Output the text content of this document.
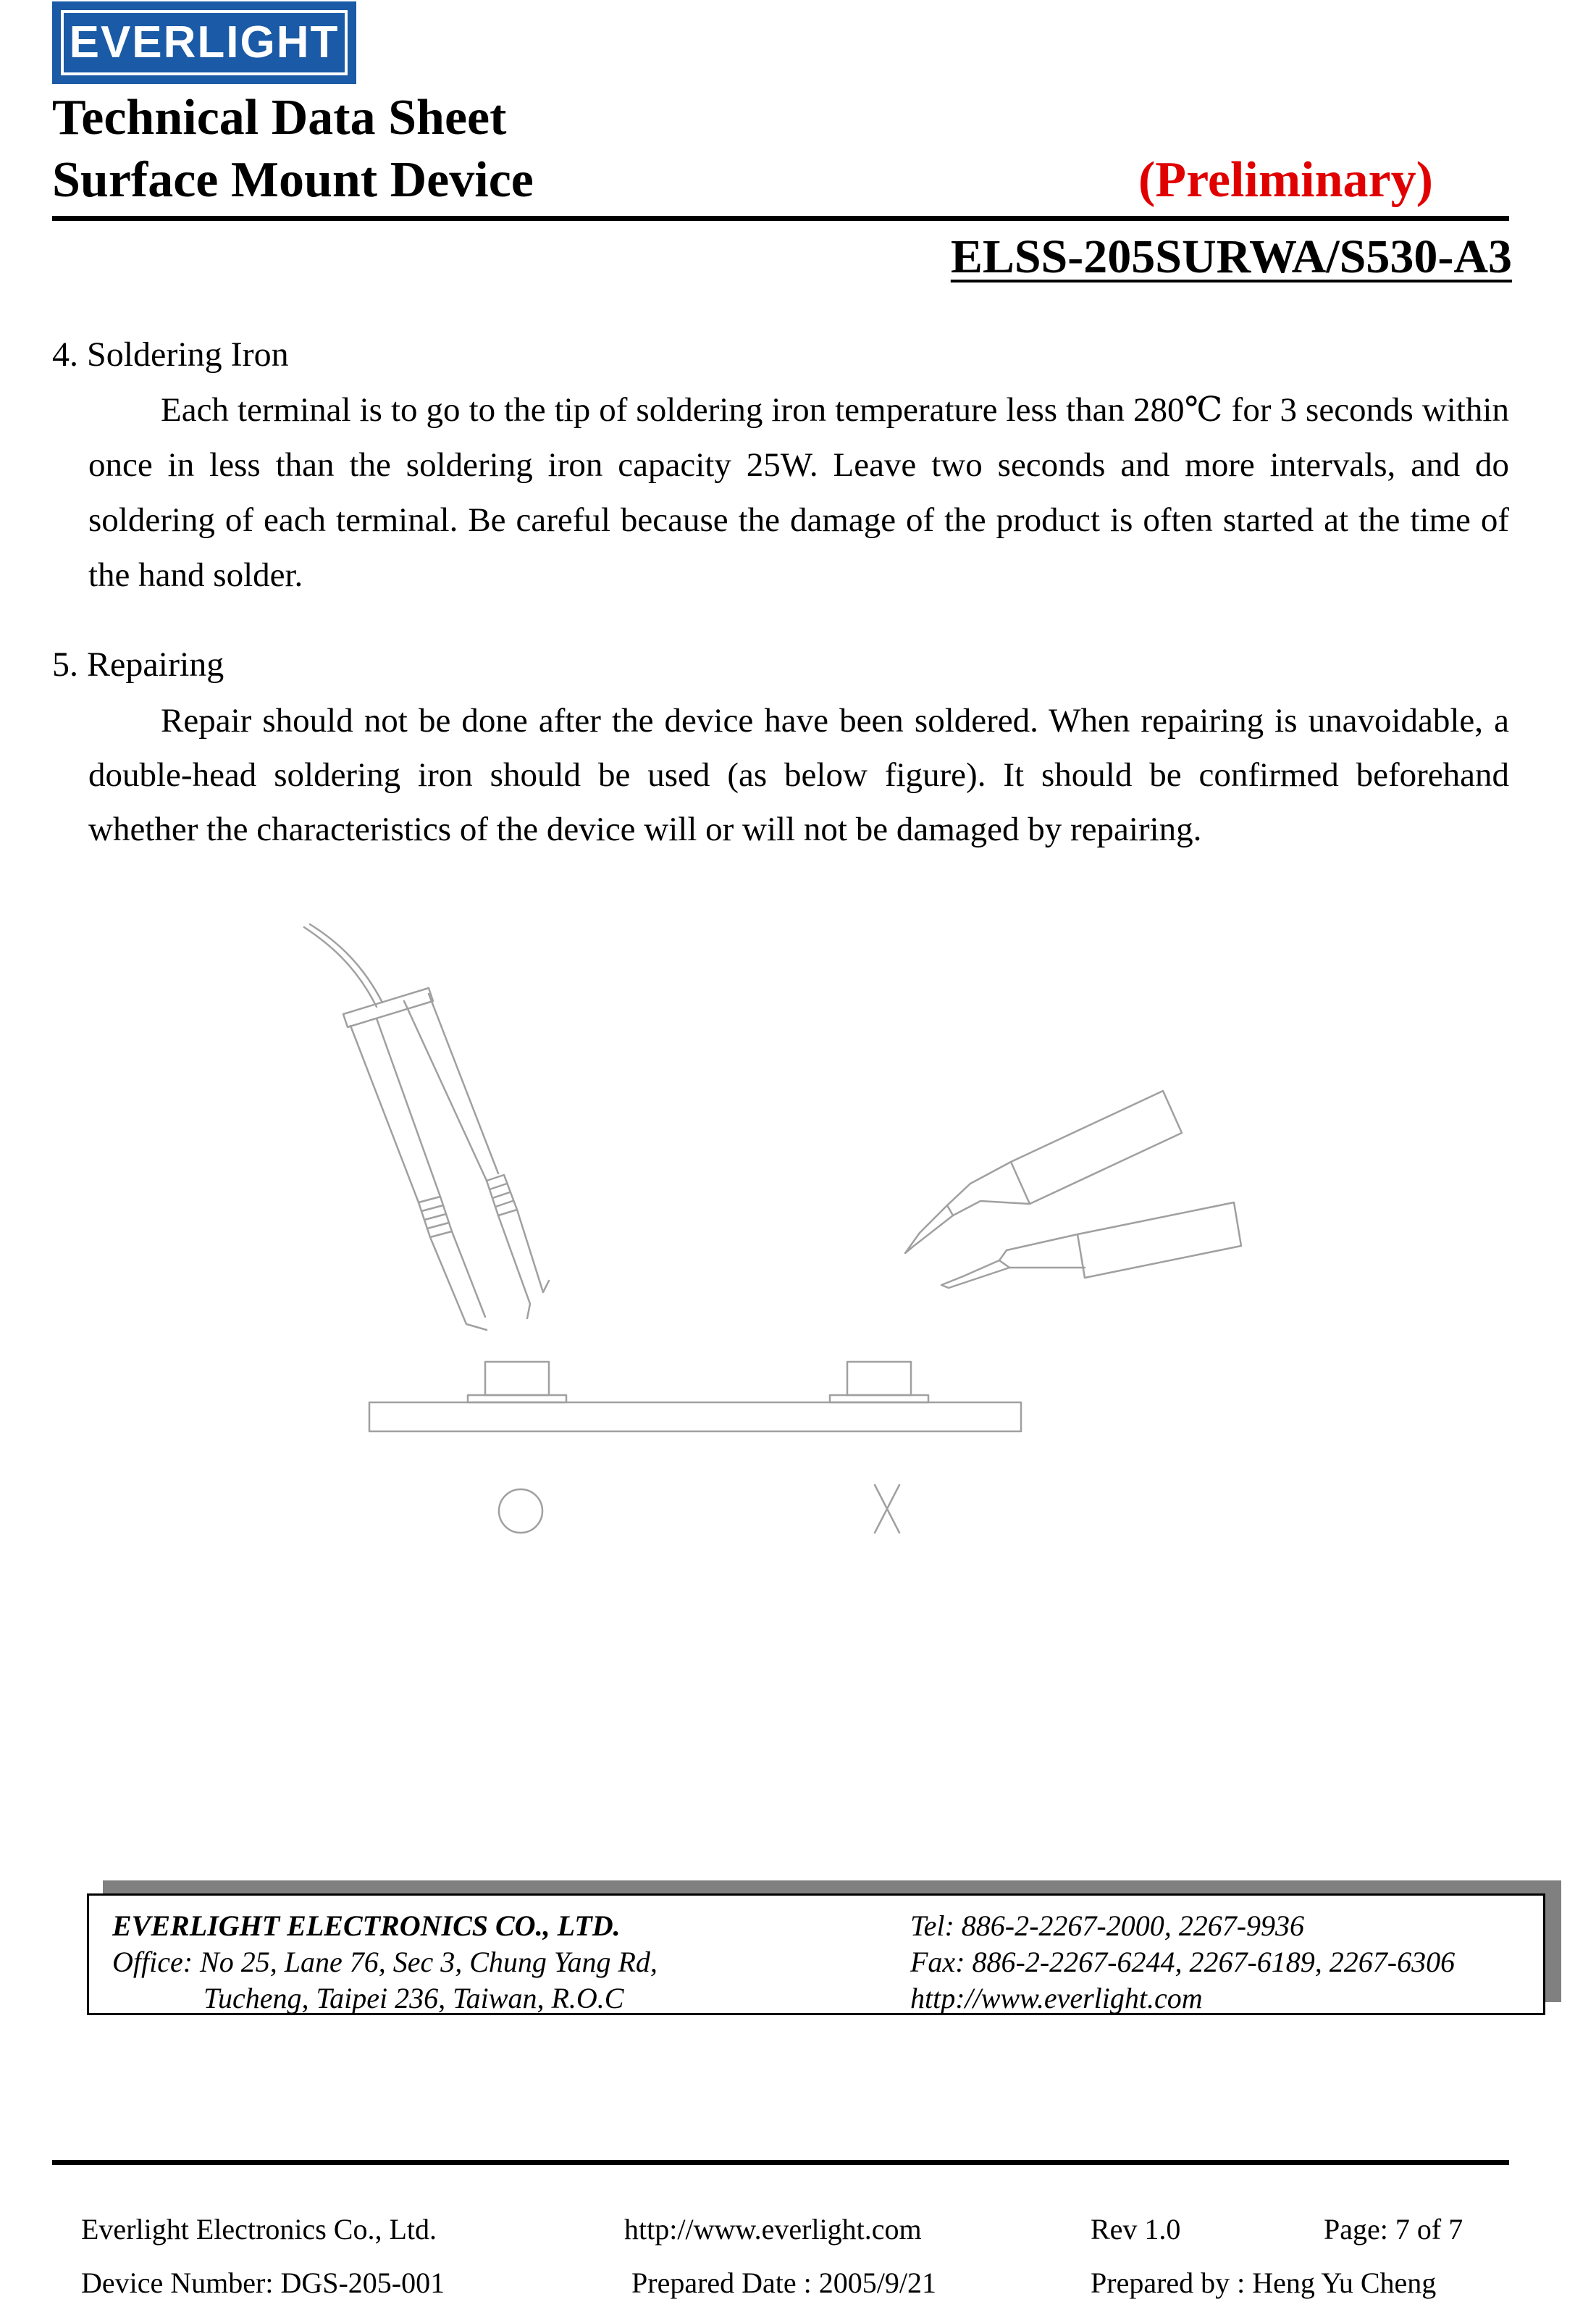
EVERLIGHT
Technical Data Sheet
Surface Mount Device	(Preliminary)
ELSS-205SURWA/S530-A3
4. Soldering Iron
Each terminal is to go to the tip of soldering iron temperature less than 280℃ for 3 seconds within once in less than the soldering iron capacity 25W. Leave two seconds and more intervals, and do soldering of each terminal. Be careful because the damage of the product is often started at the time of the hand solder.
5. Repairing
Repair should not be done after the device have been soldered. When repairing is unavoidable, a double-head soldering iron should be used (as below figure). It should be confirmed beforehand whether the characteristics of the device will or will not be damaged by repairing.
EVERLIGHT ELECTRONICS CO., LTD.
Office: No 25, Lane 76, Sec 3, Chung Yang Rd,
Tucheng, Taipei 236, Taiwan, R.O.C
Tel: 886-2-2267-2000, 2267-9936
Fax: 886-2-2267-6244, 2267-6189, 2267-6306
http://www.everlight.com
Everlight Electronics Co., Ltd.	http://www.everlight.com	Rev 1.0	Page: 7 of 7
Device Number: DGS-205-001	Prepared Date : 2005/9/21	Prepared by : Heng Yu Cheng
